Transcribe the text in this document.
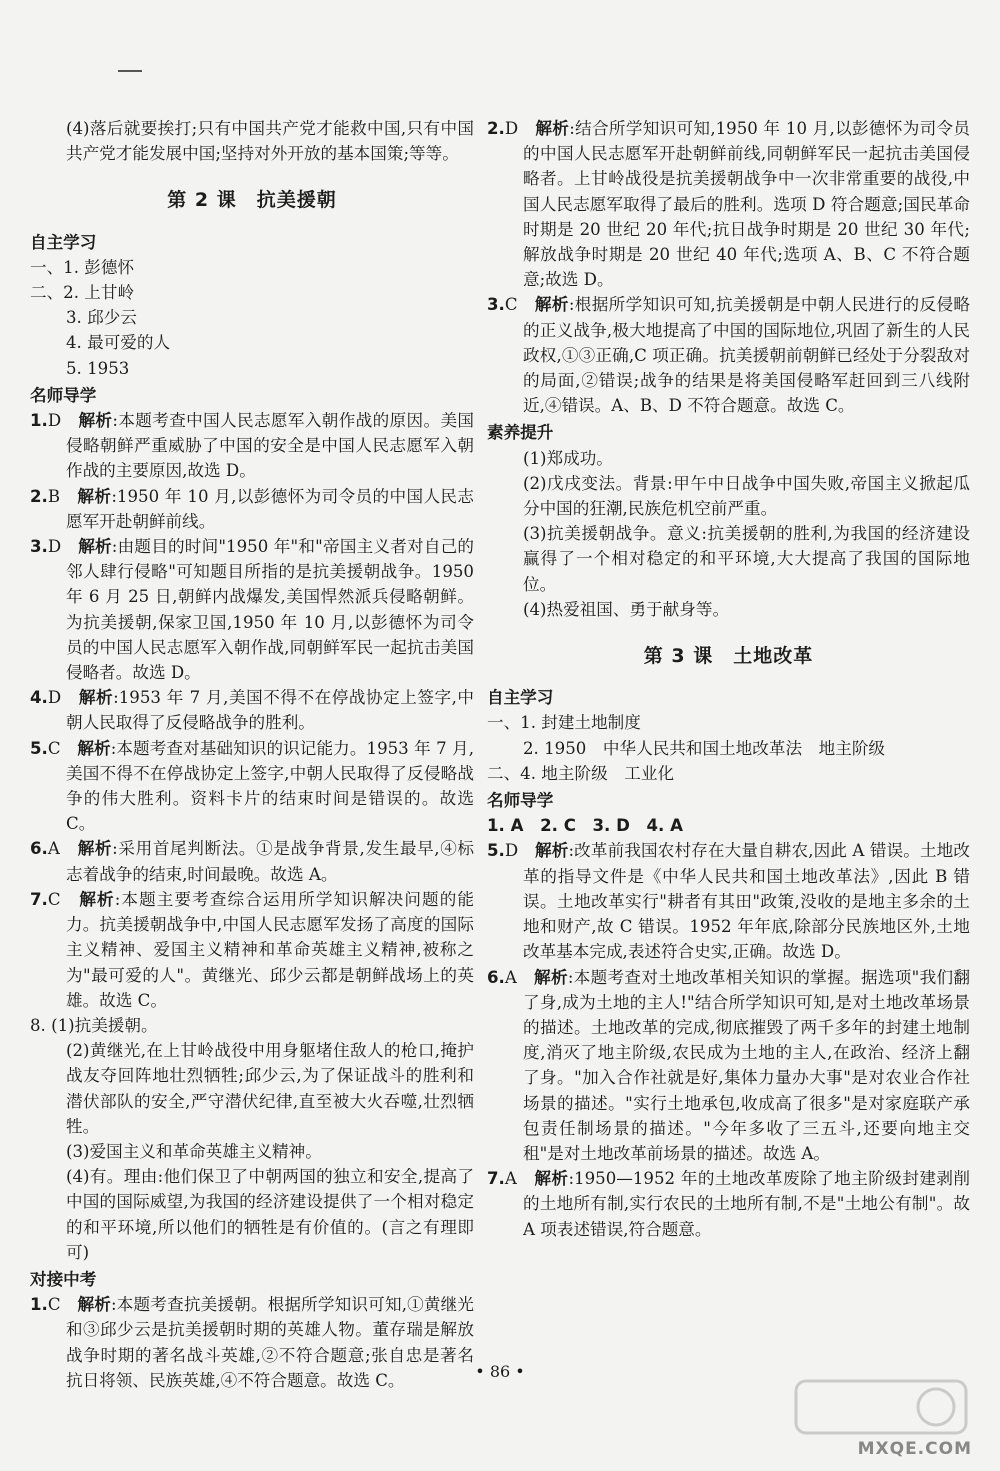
(4)落后就要挨打;只有中国共产党才能救中国,只有中国共产党才能发展中国;坚持对外开放的基本国策;等等。

第 2 课　抗美援朝

自主学习

一、1. 彭德怀

二、2. 上甘岭

3. 邱少云

4. 最可爱的人

5. 1953

名师导学

1.D　 解析:本题考查中国人民志愿军入朝作战的原因。美国侵略朝鲜严重威胁了中国的安全是中国人民志愿军入朝作战的主要原因,故选 D。

2.B　 解析:1950 年 10 月,以彭德怀为司令员的中国人民志愿军开赴朝鲜前线。

3.D　 解析:由题目的时间"1950 年"和"帝国主义者对自己的邻人肆行侵略"可知题目所指的是抗美援朝战争。1950 年 6 月 25 日,朝鲜内战爆发,美国悍然派兵侵略朝鲜。为抗美援朝,保家卫国,1950 年 10 月,以彭德怀为司令员的中国人民志愿军入朝作战,同朝鲜军民一起抗击美国侵略者。故选 D。

4.D　 解析:1953 年 7 月,美国不得不在停战协定上签字,中朝人民取得了反侵略战争的胜利。

5.C　 解析:本题考查对基础知识的识记能力。1953 年 7 月,美国不得不在停战协定上签字,中朝人民取得了反侵略战争的伟大胜利。资料卡片的结束时间是错误的。故选 C。

6.A　 解析:采用首尾判断法。①是战争背景,发生最早,④标志着战争的结束,时间最晚。故选 A。

7.C　 解析:本题主要考查综合运用所学知识解决问题的能力。抗美援朝战争中,中国人民志愿军发扬了高度的国际主义精神、爱国主义精神和革命英雄主义精神,被称之为"最可爱的人"。黄继光、邱少云都是朝鲜战场上的英雄。故选 C。

8. (1)抗美援朝。

(2)黄继光,在上甘岭战役中用身躯堵住敌人的枪口,掩护战友夺回阵地壮烈牺牲;邱少云,为了保证战斗的胜利和潜伏部队的安全,严守潜伏纪律,直至被大火吞噬,壮烈牺牲。

(3)爱国主义和革命英雄主义精神。

(4)有。理由:他们保卫了中朝两国的独立和安全,提高了中国的国际威望,为我国的经济建设提供了一个相对稳定的和平环境,所以他们的牺牲是有价值的。(言之有理即可)

对接中考

1.C　 解析:本题考查抗美援朝。根据所学知识可知,①黄继光和③邱少云是抗美援朝时期的英雄人物。董存瑞是解放战争时期的著名战斗英雄,②不符合题意;张自忠是著名抗日将领、民族英雄,④不符合题意。故选 C。

2.D　 解析:结合所学知识可知,1950 年 10 月,以彭德怀为司令员的中国人民志愿军开赴朝鲜前线,同朝鲜军民一起抗击美国侵略者。上甘岭战役是抗美援朝战争中一次非常重要的战役,中国人民志愿军取得了最后的胜利。选项 D 符合题意;国民革命时期是 20 世纪 20 年代;抗日战争时期是 20 世纪 30 年代;解放战争时期是 20 世纪 40 年代;选项 A、B、C 不符合题意;故选 D。

3.C　 解析:根据所学知识可知,抗美援朝是中朝人民进行的反侵略的正义战争,极大地提高了中国的国际地位,巩固了新生的人民政权,①③正确,C 项正确。抗美援朝前朝鲜已经处于分裂敌对的局面,②错误;战争的结果是将美国侵略军赶回到三八线附近,④错误。A、B、D 不符合题意。故选 C。

素养提升

(1)郑成功。

(2)戊戌变法。背景:甲午中日战争中国失败,帝国主义掀起瓜分中国的狂潮,民族危机空前严重。

(3)抗美援朝战争。意义:抗美援朝的胜利,为我国的经济建设赢得了一个相对稳定的和平环境,大大提高了我国的国际地位。

(4)热爱祖国、勇于献身等。

第 3 课　土地改革

自主学习

一、1. 封建土地制度

2. 1950　中华人民共和国土地改革法　地主阶级

二、4. 地主阶级　工业化

名师导学

1. A　2. C　3. D　4. A

5.D　 解析:改革前我国农村存在大量自耕农,因此 A 错误。土地改革的指导文件是《中华人民共和国土地改革法》,因此 B 错误。土地改革实行"耕者有其田"政策,没收的是地主多余的土地和财产,故 C 错误。1952 年年底,除部分民族地区外,土地改革基本完成,表述符合史实,正确。故选 D。

6.A　 解析:本题考查对土地改革相关知识的掌握。据选项"我们翻了身,成为土地的主人!"结合所学知识可知,是对土地改革场景的描述。土地改革的完成,彻底摧毁了两千多年的封建土地制度,消灭了地主阶级,农民成为土地的主人,在政治、经济上翻了身。"加入合作社就是好,集体力量办大事"是对农业合作社场景的描述。"实行土地承包,收成高了很多"是对家庭联产承包责任制场景的描述。"今年多收了三五斗,还要向地主交租"是对土地改革前场景的描述。故选 A。

7.A　 解析:1950—1952 年的土地改革废除了地主阶级封建剥削的土地所有制,实行农民的土地所有制,不是"土地公有制"。故 A 项表述错误,符合题意。

• 86 •
MXQE.COM
